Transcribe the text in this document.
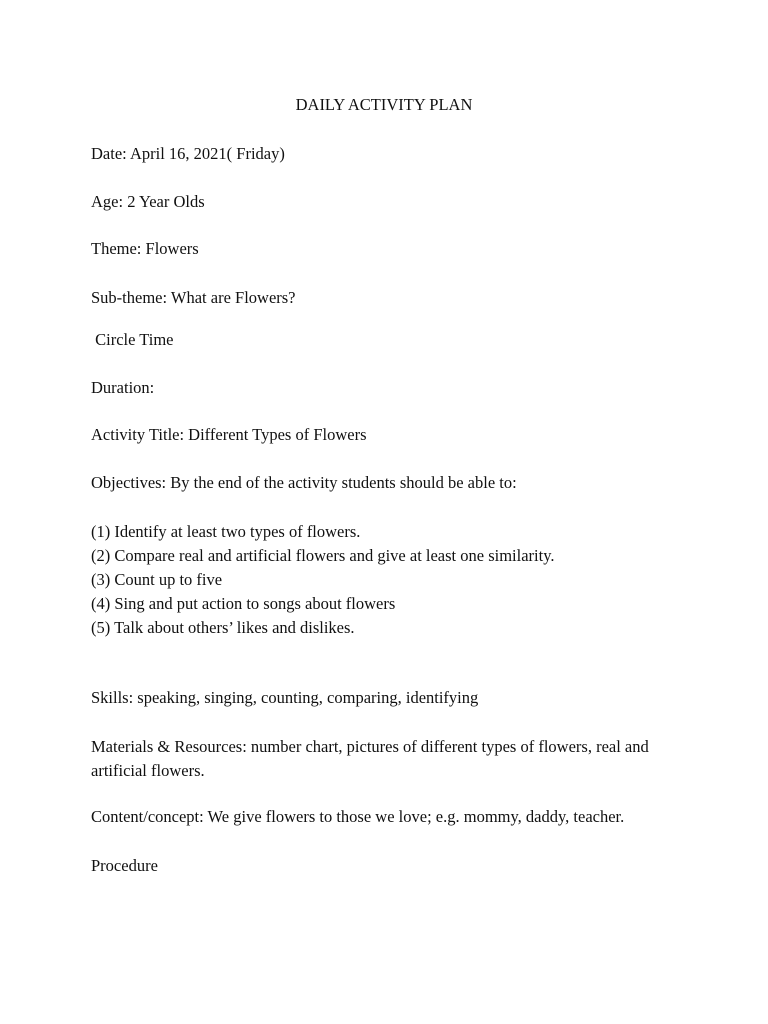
DAILY ACTIVITY PLAN
Date: April 16, 2021( Friday)
Age: 2 Year Olds
Theme: Flowers
Sub-theme: What are Flowers?
Circle Time
Duration:
Activity Title: Different Types of Flowers
Objectives: By the end of the activity students should be able to:
(1) Identify at least two types of flowers.
(2) Compare real and artificial flowers and give at least one similarity.
(3) Count up to five
(4) Sing and put action to songs about flowers
(5) Talk about others’ likes and dislikes.
Skills: speaking, singing, counting, comparing, identifying
Materials & Resources: number chart, pictures of different types of flowers, real and artificial flowers.
Content/concept: We give flowers to those we love; e.g. mommy, daddy, teacher.
Procedure
